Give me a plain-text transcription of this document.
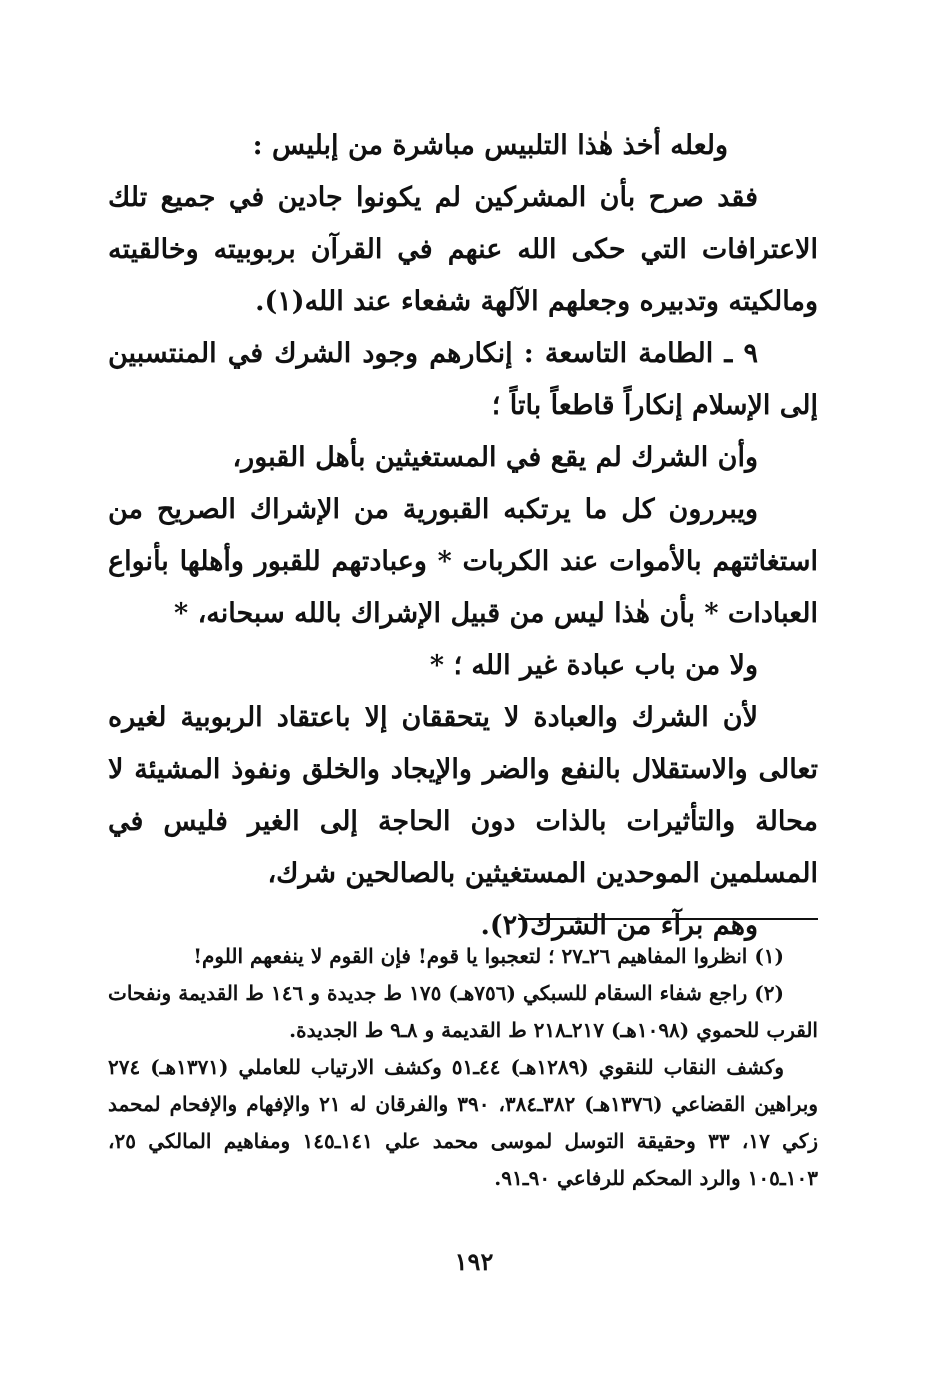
ولعله أخذ هٰذا التلبيس مباشرة من إبليس :

فقد صرح بأن المشركين لم يكونوا جادين في جميع تلك الاعترافات التي حكى الله عنهم في القرآن بربوبيته وخالقيته ومالكيته وتدبيره وجعلهم الآلهة شفعاء عند الله(١).

٩ ـ الطامة التاسعة : إنكارهم وجود الشرك في المنتسبين إلى الإسلام إنكاراً قاطعاً باتاً ؛

وأن الشرك لم يقع في المستغيثين بأهل القبور،

ويبررون كل ما يرتكبه القبورية من الإشراك الصريح من استغاثتهم بالأموات عند الكربات * وعبادتهم للقبور وأهلها بأنواع العبادات * بأن هٰذا ليس من قبيل الإشراك بالله سبحانه، *

ولا من باب عبادة غير الله ؛ *

لأن الشرك والعبادة لا يتحققان إلا باعتقاد الربوبية لغيره تعالى والاستقلال بالنفع والضر والإيجاد والخلق ونفوذ المشيئة لا محالة والتأثيرات بالذات دون الحاجة إلى الغير فليس في المسلمين الموحدين المستغيثين بالصالحين شرك،

وهم برآء من الشرك(٢).

(١) انظروا المفاهيم ٢٦ـ٢٧ ؛ لتعجبوا يا قوم! فإن القوم لا ينفعهم اللوم!

(٢) راجع شفاء السقام للسبكي (٧٥٦هـ) ١٧٥ ط جديدة و ١٤٦ ط القديمة ونفحات القرب للحموي (١٠٩٨هـ) ٢١٧ـ٢١٨ ط القديمة و ٨ـ٩ ط الجديدة.

وكشف النقاب للنقوي (١٢٨٩هـ) ٤٤ـ٥١ وكشف الارتياب للعاملي (١٣٧١هـ) ٢٧٤ وبراهين القضاعي (١٣٧٦هـ) ٣٨٢ـ٣٨٤، ٣٩٠ والفرقان له ٢١ والإفهام والإفحام لمحمد زكي ١٧، ٣٣ وحقيقة التوسل لموسى محمد علي ١٤١ـ١٤٥ ومفاهيم المالكي ٢٥، ١٠٣ـ١٠٥ والرد المحكم للرفاعي ٩٠ـ٩١.

١٩٢
